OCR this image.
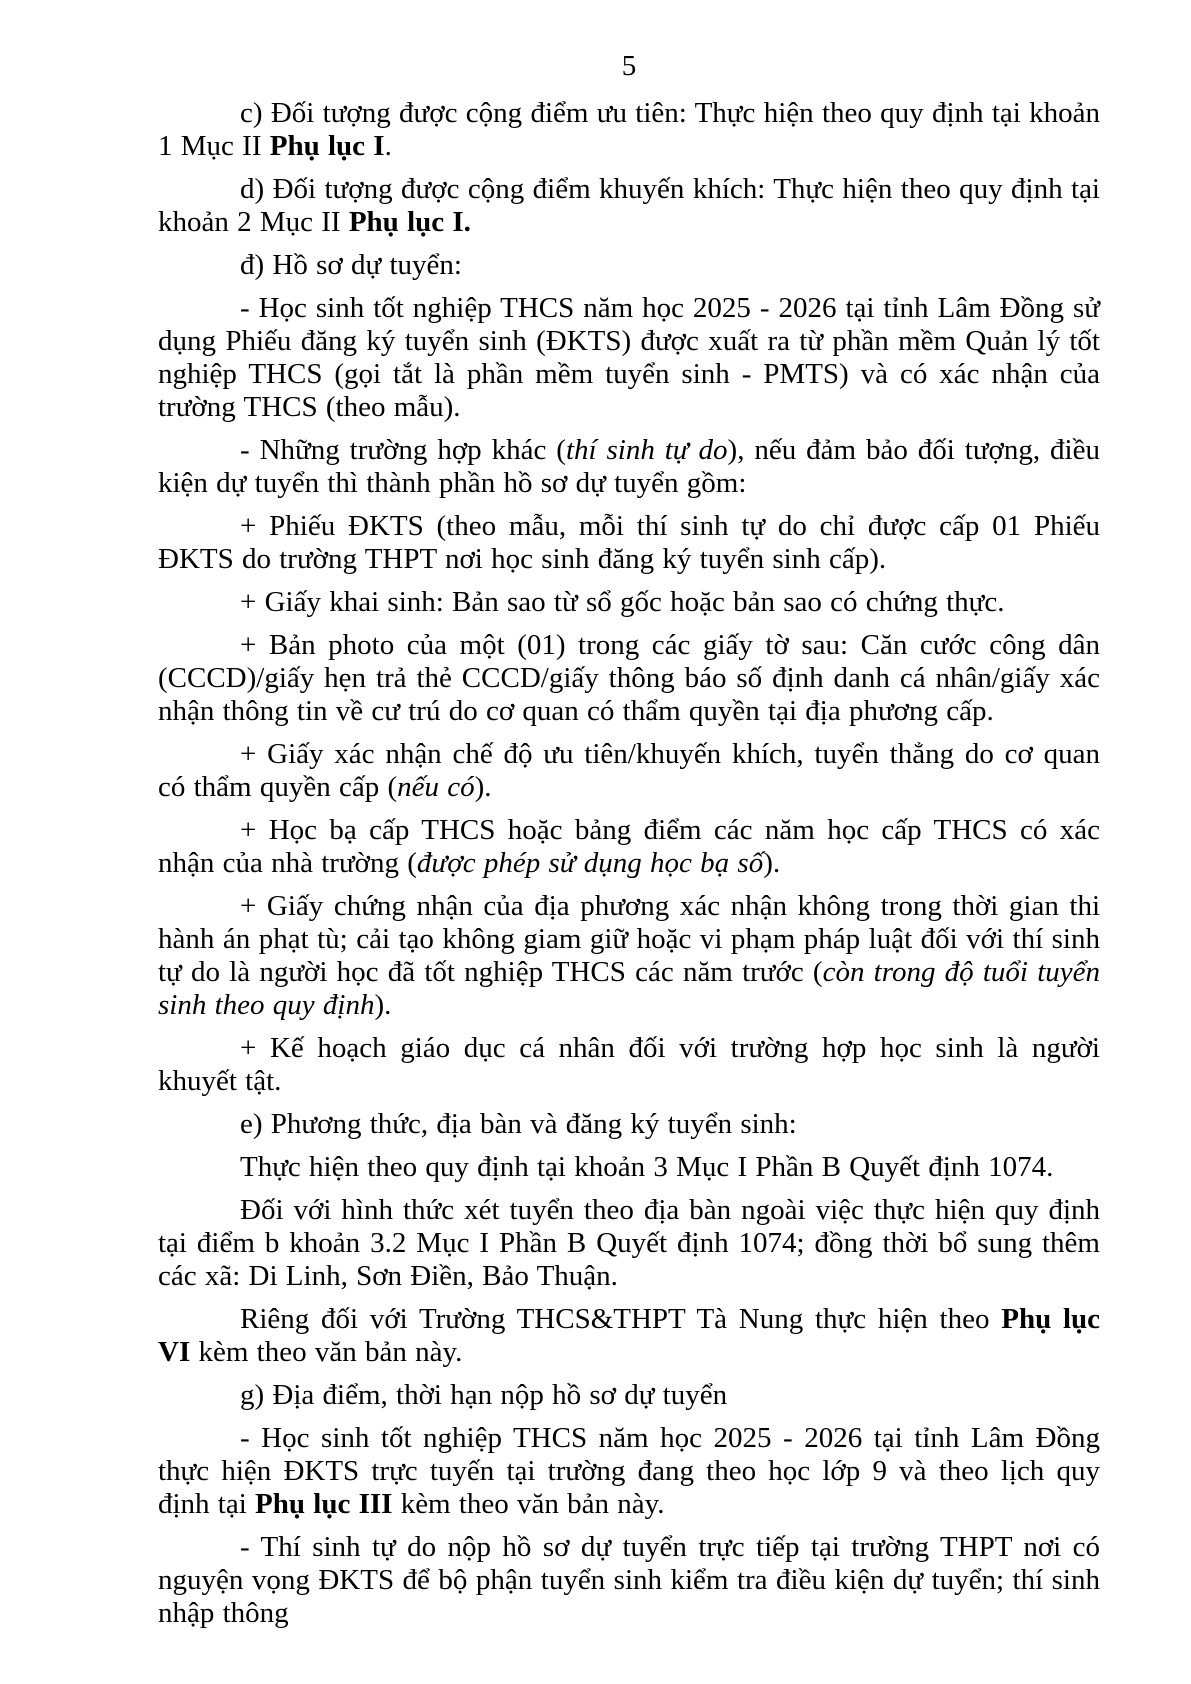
5

c) Đối tượng được cộng điểm ưu tiên: Thực hiện theo quy định tại khoản 1 Mục II Phụ lục I.

d) Đối tượng được cộng điểm khuyến khích: Thực hiện theo quy định tại khoản 2 Mục II Phụ lục I.

đ) Hồ sơ dự tuyển:

- Học sinh tốt nghiệp THCS năm học 2025 - 2026 tại tỉnh Lâm Đồng sử dụng Phiếu đăng ký tuyển sinh (ĐKTS) được xuất ra từ phần mềm Quản lý tốt nghiệp THCS (gọi tắt là phần mềm tuyển sinh - PMTS) và có xác nhận của trường THCS (theo mẫu).

- Những trường hợp khác (thí sinh tự do), nếu đảm bảo đối tượng, điều kiện dự tuyển thì thành phần hồ sơ dự tuyển gồm:

+ Phiếu ĐKTS (theo mẫu, mỗi thí sinh tự do chỉ được cấp 01 Phiếu ĐKTS do trường THPT nơi học sinh đăng ký tuyển sinh cấp).

+ Giấy khai sinh: Bản sao từ sổ gốc hoặc bản sao có chứng thực.

+ Bản photo của một (01) trong các giấy tờ sau: Căn cước công dân (CCCD)/giấy hẹn trả thẻ CCCD/giấy thông báo số định danh cá nhân/giấy xác nhận thông tin về cư trú do cơ quan có thẩm quyền tại địa phương cấp.

+ Giấy xác nhận chế độ ưu tiên/khuyến khích, tuyển thẳng do cơ quan có thẩm quyền cấp (nếu có).

+ Học bạ cấp THCS hoặc bảng điểm các năm học cấp THCS có xác nhận của nhà trường (được phép sử dụng học bạ số).

+ Giấy chứng nhận của địa phương xác nhận không trong thời gian thi hành án phạt tù; cải tạo không giam giữ hoặc vi phạm pháp luật đối với thí sinh tự do là người học đã tốt nghiệp THCS các năm trước (còn trong độ tuổi tuyển sinh theo quy định).

+ Kế hoạch giáo dục cá nhân đối với trường hợp học sinh là người khuyết tật.

e) Phương thức, địa bàn và đăng ký tuyển sinh:

Thực hiện theo quy định tại khoản 3 Mục I Phần B Quyết định 1074.

Đối với hình thức xét tuyển theo địa bàn ngoài việc thực hiện quy định tại điểm b khoản 3.2 Mục I Phần B Quyết định 1074; đồng thời bổ sung thêm các xã: Di Linh, Sơn Điền, Bảo Thuận.

Riêng đối với Trường THCS&THPT Tà Nung thực hiện theo Phụ lục VI kèm theo văn bản này.

g) Địa điểm, thời hạn nộp hồ sơ dự tuyển

- Học sinh tốt nghiệp THCS năm học 2025 - 2026 tại tỉnh Lâm Đồng thực hiện ĐKTS trực tuyến tại trường đang theo học lớp 9 và theo lịch quy định tại Phụ lục III kèm theo văn bản này.

- Thí sinh tự do nộp hồ sơ dự tuyển trực tiếp tại trường THPT nơi có nguyện vọng ĐKTS để bộ phận tuyển sinh kiểm tra điều kiện dự tuyển; thí sinh nhập thông
